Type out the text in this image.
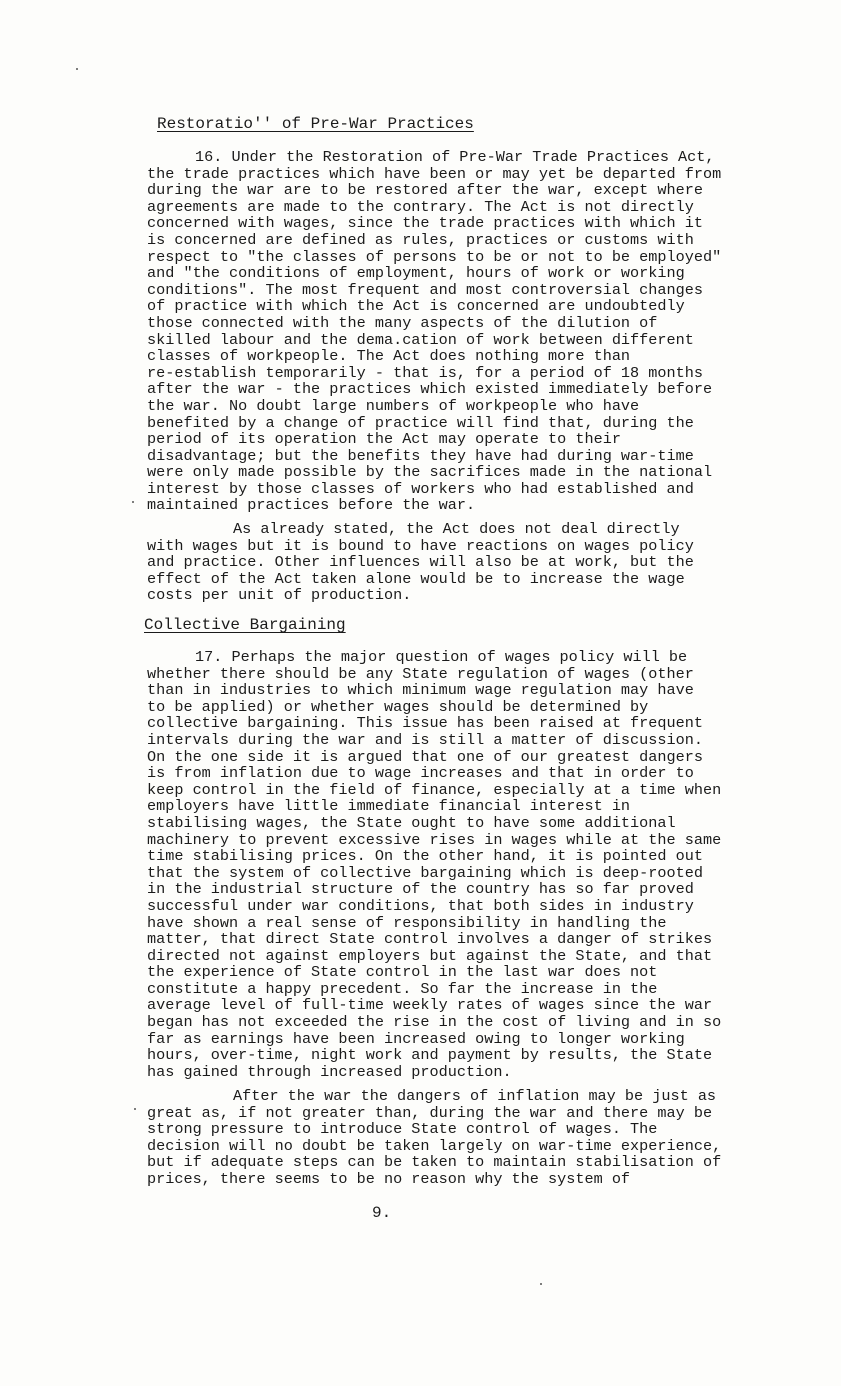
Restoratio'' of Pre-War Practices
16. Under the Restoration of Pre-War Trade Practices Act,
the trade practices which have been or may yet be departed from
during the war are to be restored after the war, except where
agreements are made to the contrary. The Act is not directly
concerned with wages, since the trade practices with which it
is concerned are defined as rules, practices or customs with
respect to "the classes of persons to be or not to be employed"
and "the conditions of employment, hours of work or working
conditions". The most frequent and most controversial changes
of practice with which the Act is concerned are undoubtedly
those connected with the many aspects of the dilution of
skilled labour and the dema.cation of work between different
classes of workpeople. The Act does nothing more than
re-establish temporarily - that is, for a period of 18 months
after the war - the practices which existed immediately before
the war. No doubt large numbers of workpeople who have
benefited by a change of practice will find that, during the
period of its operation the Act may operate to their
disadvantage; but the benefits they have had during war-time
were only made possible by the sacrifices made in the national
interest by those classes of workers who had established and
maintained practices before the war.
As already stated, the Act does not deal directly
with wages but it is bound to have reactions on wages policy
and practice. Other influences will also be at work, but the
effect of the Act taken alone would be to increase the wage
costs per unit of production.
Collective Bargaining
17. Perhaps the major question of wages policy will be
whether there should be any State regulation of wages (other
than in industries to which minimum wage regulation may have
to be applied) or whether wages should be determined by
collective bargaining. This issue has been raised at frequent
intervals during the war and is still a matter of discussion.
On the one side it is argued that one of our greatest dangers
is from inflation due to wage increases and that in order to
keep control in the field of finance, especially at a time when
employers have little immediate financial interest in
stabilising wages, the State ought to have some additional
machinery to prevent excessive rises in wages while at the same
time stabilising prices. On the other hand, it is pointed out
that the system of collective bargaining which is deep-rooted
in the industrial structure of the country has so far proved
successful under war conditions, that both sides in industry
have shown a real sense of responsibility in handling the
matter, that direct State control involves a danger of strikes
directed not against employers but against the State, and that
the experience of State control in the last war does not
constitute a happy precedent. So far the increase in the
average level of full-time weekly rates of wages since the war
began has not exceeded the rise in the cost of living and in so
far as earnings have been increased owing to longer working
hours, over-time, night work and payment by results, the State
has gained through increased production.
After the war the dangers of inflation may be just as
great as, if not greater than, during the war and there may be
strong pressure to introduce State control of wages. The
decision will no doubt be taken largely on war-time experience,
but if adequate steps can be taken to maintain stabilisation of
prices, there seems to be no reason why the system of
9.
